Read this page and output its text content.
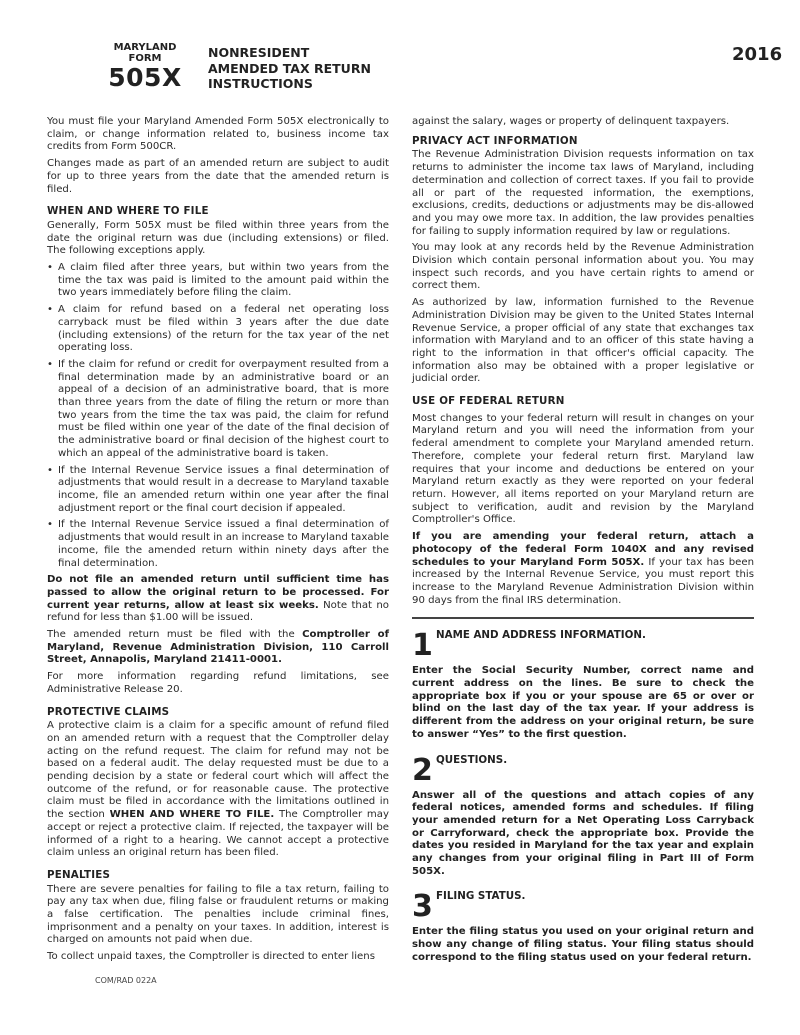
MARYLAND
FORM
505X
NONRESIDENT
AMENDED TAX RETURN
INSTRUCTIONS
2016

You must file your Maryland Amended Form 505X electronically to claim, or change information related to, business income tax credits from Form 500CR.

Changes made as part of an amended return are subject to audit for up to three years from the date that the amended return is filed.

WHEN AND WHERE TO FILE

Generally, Form 505X must be filed within three years from the date the original return was due (including extensions) or filed. The following exceptions apply.

• A claim filed after three years, but within two years from the time the tax was paid is limited to the amount paid within the two years immediately before filing the claim.
• A claim for refund based on a federal net operating loss carryback must be filed within 3 years after the due date (including extensions) of the return for the tax year of the net operating loss.
• If the claim for refund or credit for overpayment resulted from a final determination made by an administrative board or an appeal of a decision of an administrative board, that is more than three years from the date of filing the return or more than two years from the time the tax was paid, the claim for refund must be filed within one year of the date of the final decision of the administrative board or final decision of the highest court to which an appeal of the administrative board is taken.
• If the Internal Revenue Service issues a final determination of adjustments that would result in a decrease to Maryland taxable income, file an amended return within one year after the final adjustment report or the final court decision if appealed.
• If the Internal Revenue Service issued a final determination of adjustments that would result in an increase to Maryland taxable income, file the amended return within ninety days after the final determination.

Do not file an amended return until sufficient time has passed to allow the original return to be processed. For current year returns, allow at least six weeks. Note that no refund for less than $1.00 will be issued.

The amended return must be filed with the Comptroller of Maryland, Revenue Administration Division, 110 Carroll Street, Annapolis, Maryland 21411-0001.

For more information regarding refund limitations, see Administrative Release 20.

PROTECTIVE CLAIMS

A protective claim is a claim for a specific amount of refund filed on an amended return with a request that the Comptroller delay acting on the refund request. The claim for refund may not be based on a federal audit. The delay requested must be due to a pending decision by a state or federal court which will affect the outcome of the refund, or for reasonable cause. The protective claim must be filed in accordance with the limitations outlined in the section WHEN AND WHERE TO FILE. The Comptroller may accept or reject a protective claim. If rejected, the taxpayer will be informed of a right to a hearing. We cannot accept a protective claim unless an original return has been filed.

PENALTIES

There are severe penalties for failing to file a tax return, failing to pay any tax when due, filing false or fraudulent returns or making a false certification. The penalties include criminal fines, imprisonment and a penalty on your taxes. In addition, interest is charged on amounts not paid when due.

To collect unpaid taxes, the Comptroller is directed to enter liens

against the salary, wages or property of delinquent taxpayers.

PRIVACY ACT INFORMATION

The Revenue Administration Division requests information on tax returns to administer the income tax laws of Maryland, including determination and collection of correct taxes. If you fail to provide all or part of the requested information, the exemptions, exclusions, credits, deductions or adjustments may be dis-allowed and you may owe more tax. In addition, the law provides penalties for failing to supply information required by law or regulations.

You may look at any records held by the Revenue Administration Division which contain personal information about you. You may inspect such records, and you have certain rights to amend or correct them.

As authorized by law, information furnished to the Revenue Administration Division may be given to the United States Internal Revenue Service, a proper official of any state that exchanges tax information with Maryland and to an officer of this state having a right to the information in that officer's official capacity. The information also may be obtained with a proper legislative or judicial order.

USE OF FEDERAL RETURN

Most changes to your federal return will result in changes on your Maryland return and you will need the information from your federal amendment to complete your Maryland amended return. Therefore, complete your federal return first. Maryland law requires that your income and deductions be entered on your Maryland return exactly as they were reported on your federal return. However, all items reported on your Maryland return are subject to verification, audit and revision by the Maryland Comptroller's Office.

If you are amending your federal return, attach a photocopy of the federal Form 1040X and any revised schedules to your Maryland Form 505X. If your tax has been increased by the Internal Revenue Service, you must report this increase to the Maryland Revenue Administration Division within 90 days from the final IRS determination.

1 NAME AND ADDRESS INFORMATION.

Enter the Social Security Number, correct name and current address on the lines. Be sure to check the appropriate box if you or your spouse are 65 or over or blind on the last day of the tax year. If your address is different from the address on your original return, be sure to answer “Yes” to the first question.

2 QUESTIONS.

Answer all of the questions and attach copies of any federal notices, amended forms and schedules. If filing your amended return for a Net Operating Loss Carryback or Carryforward, check the appropriate box. Provide the dates you resided in Maryland for the tax year and explain any changes from your original filing in Part III of Form 505X.

3 FILING STATUS.

Enter the filing status you used on your original return and show any change of filing status. Your filing status should correspond to the filing status used on your federal return.

COM/RAD 022A
